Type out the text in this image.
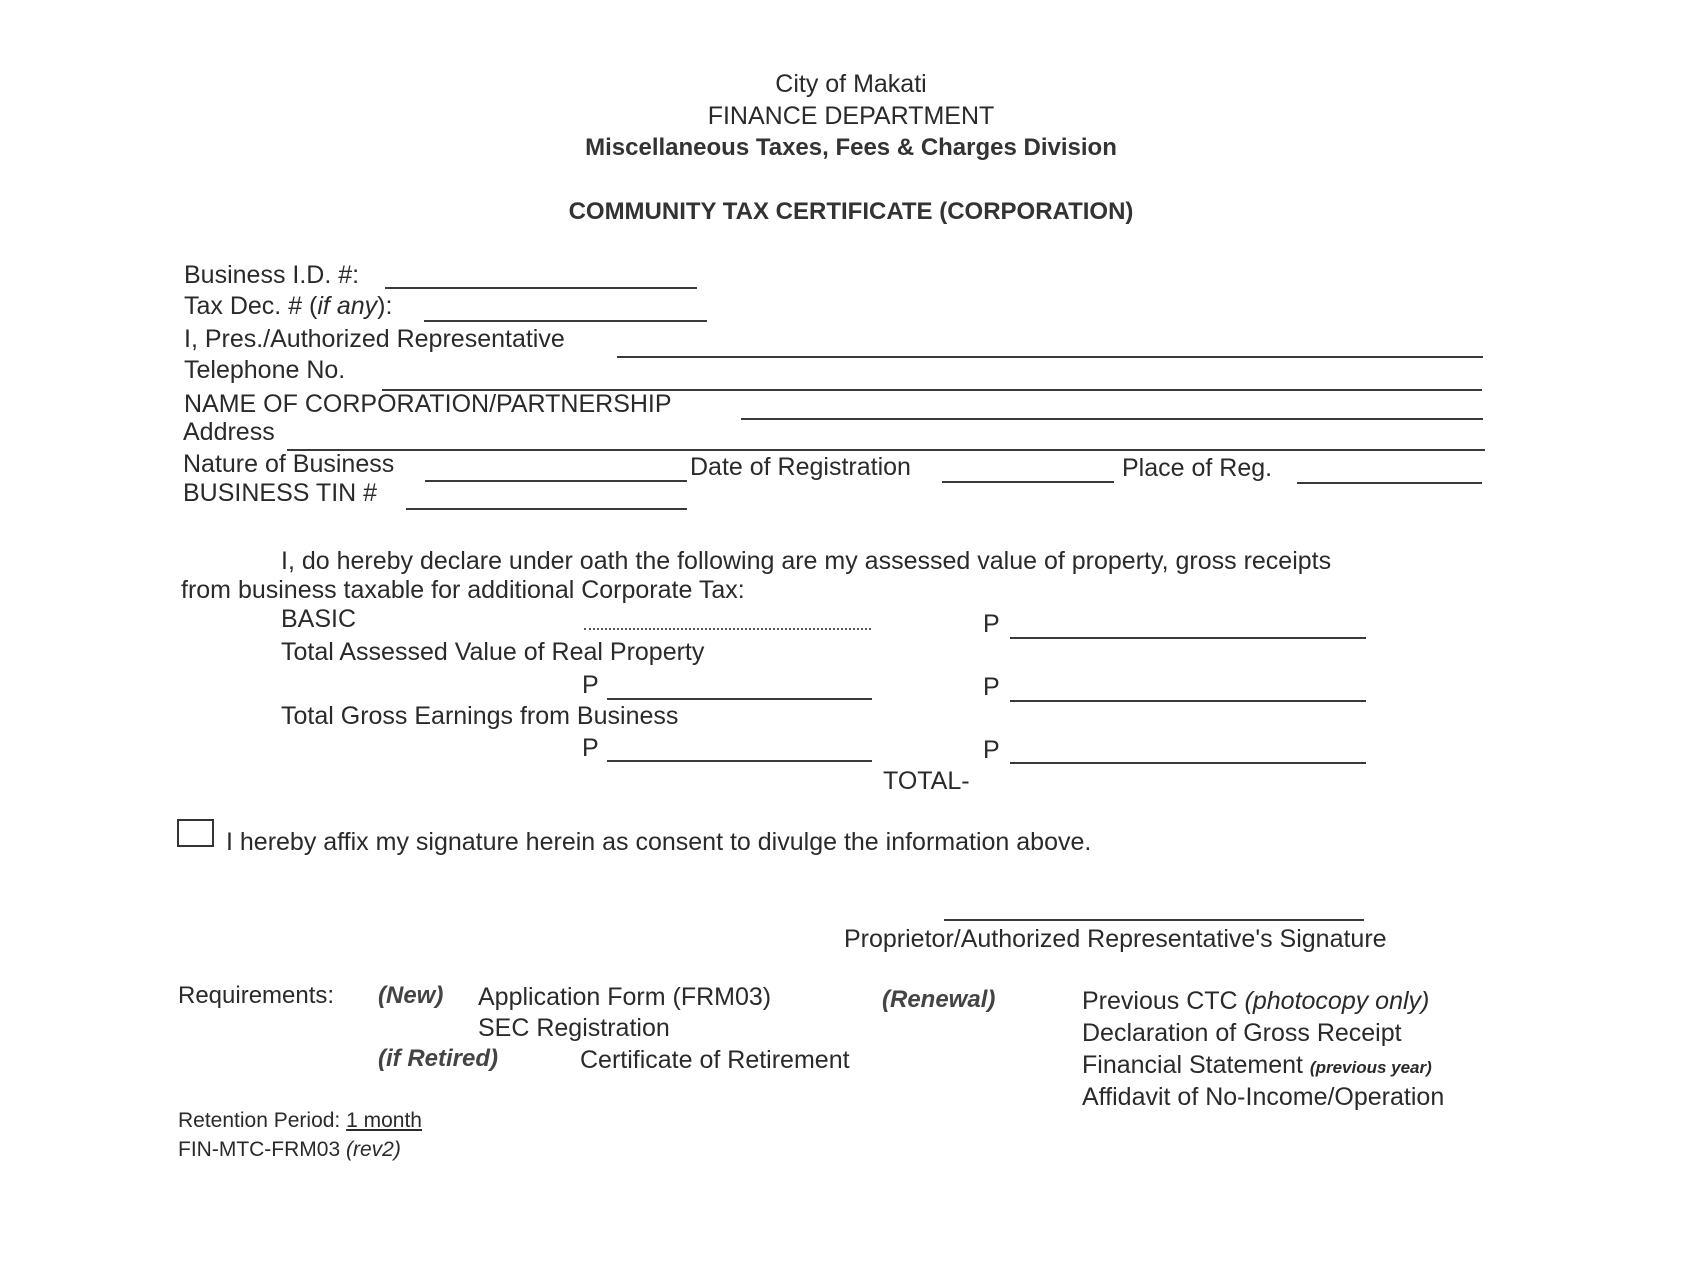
City of Makati
FINANCE DEPARTMENT
Miscellaneous Taxes, Fees & Charges Division
COMMUNITY TAX CERTIFICATE (CORPORATION)
Business I.D. #:
Tax Dec. # (if any):
I, Pres./Authorized Representative
Telephone No.
NAME OF CORPORATION/PARTNERSHIP
Address
Nature of Business	Date of Registration	Place of Reg.
BUSINESS TIN #
I, do hereby declare under oath the following are my assessed value of property, gross receipts
from business taxable for additional Corporate Tax:
BASIC	P
Total Assessed Value of Real Property
P	P
Total Gross Earnings from Business
P	P
TOTAL-
I hereby affix my signature herein as consent to divulge the information above.
Proprietor/Authorized Representative's Signature
Requirements: (New) Application Form (FRM03)
SEC Registration
(if Retired)	Certificate of Retirement
(Renewal)	Previous CTC (photocopy only)
Declaration of Gross Receipt
Financial Statement (previous year)
Affidavit of No-Income/Operation
Retention Period: 1 month
FIN-MTC-FRM03 (rev2)
